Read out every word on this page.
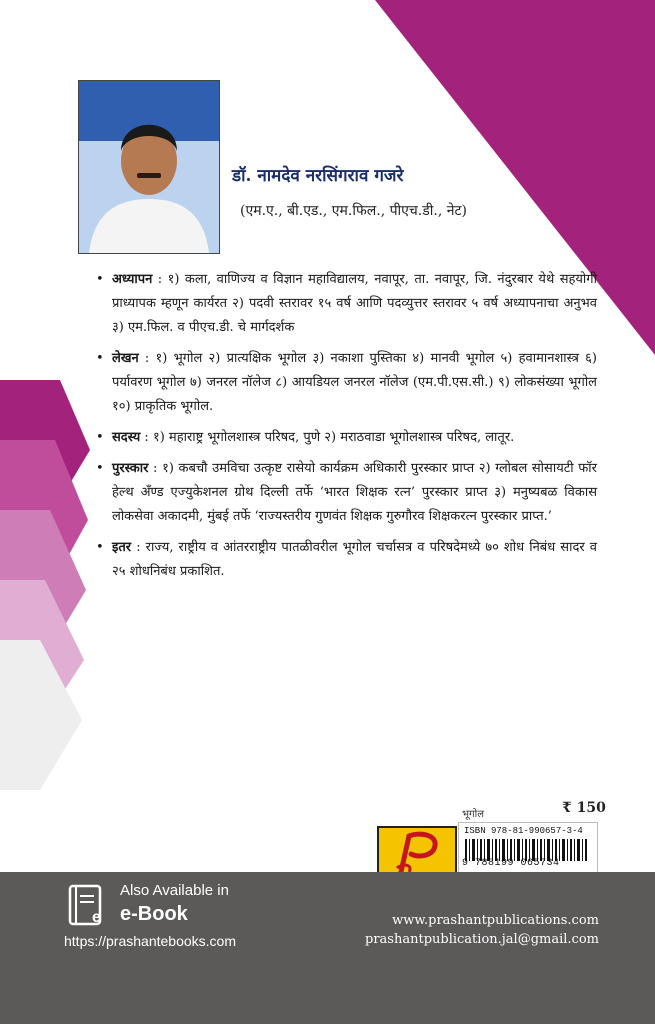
डॉ. नामदेव नरसिंगराव गजरे
(एम.ए., बी.एड., एम.फिल., पीएच.डी., नेट)
• अध्यापन : १) कला, वाणिज्य व विज्ञान महाविद्यालय, नवापूर, ता. नवापूर, जि. नंदुरबार येथे सहयोगी प्राध्यापक म्हणून कार्यरत २) पदवी स्तरावर १५ वर्ष आणि पदव्युत्तर स्तरावर ५ वर्ष अध्यापनाचा अनुभव ३) एम.फिल. व पीएच.डी. चे मार्गदर्शक
• लेखन : १) भूगोल २) प्रात्यक्षिक भूगोल ३) नकाशा पुस्तिका ४) मानवी भूगोल ५) हवामानशास्त्र ६) पर्यावरण भूगोल ७) जनरल नॉलेज ८) आयडियल जनरल नॉलेज (एम.पी.एस.सी.) ९) लोकसंख्या भूगोल १०) प्राकृतिक भूगोल.
• सदस्य : १) महाराष्ट्र भूगोलशास्त्र परिषद, पुणे २) मराठवाडा भूगोलशास्त्र परिषद, लातूर.
• पुरस्कार : १) कबचौ उमविचा उत्कृष्ट रासेयो कार्यक्रम अधिकारी पुरस्कार प्राप्त २) ग्लोबल सोसायटी फॉर हेल्थ अँण्ड एज्युकेशनल ग्रोथ दिल्ली तर्फे ‘भारत शिक्षक रत्न’ पुरस्कार प्राप्त ३) मनुष्यबळ विकास लोकसेवा अकादमी, मुंबई तर्फे ‘राज्यस्तरीय गुणवंत शिक्षक गुरुगौरव शिक्षकरत्न पुरस्कार प्राप्त.’
• इतर : राज्य, राष्ट्रीय व आंतरराष्ट्रीय पातळीवरील भूगोल चर्चासत्र व परिषदेमध्ये ७० शोध निबंध सादर व २५ शोधनिबंध प्रकाशित.
भूगोल	₹ 150
ISBN 978-81-990657-3-4
9 788199 065734
e
Also Available in
e-Book
https://prashantebooks.com
www.prashantpublications.com
prashantpublication.jal@gmail.com
